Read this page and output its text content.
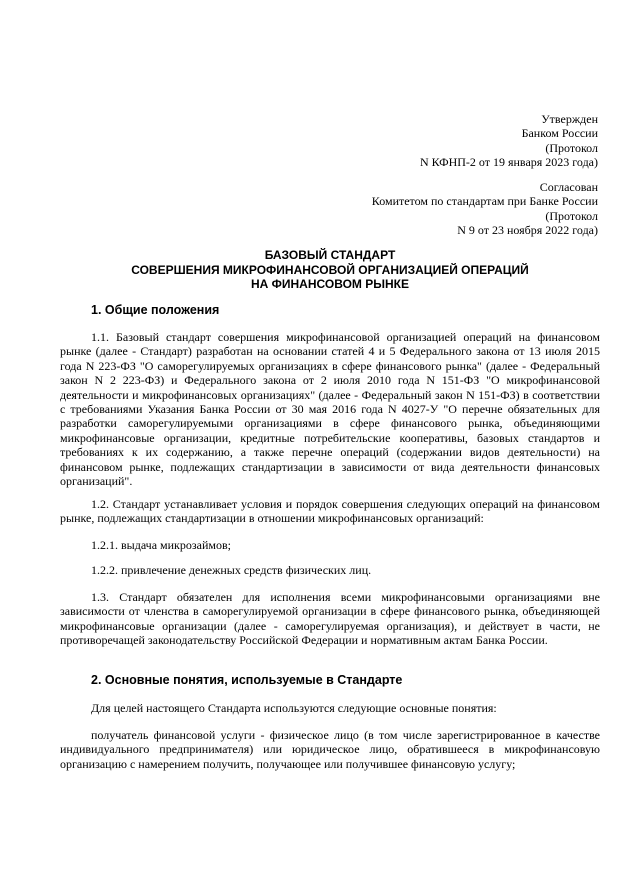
Утвержден
Банком России
(Протокол
N КФНП-2 от 19 января 2023 года)
Согласован
Комитетом по стандартам при Банке России
(Протокол
N 9 от 23 ноября 2022 года)
БАЗОВЫЙ СТАНДАРТ
СОВЕРШЕНИЯ МИКРОФИНАНСОВОЙ ОРГАНИЗАЦИЕЙ ОПЕРАЦИЙ
НА ФИНАНСОВОМ РЫНКЕ
1. Общие положения

1.1. Базовый стандарт совершения микрофинансовой организацией операций на финансовом рынке (далее - Стандарт) разработан на основании статей 4 и 5 Федерального закона от 13 июля 2015 года N 223-ФЗ "О саморегулируемых организациях в сфере финансового рынка" (далее - Федеральный закон N 2 223-ФЗ) и Федерального закона от 2 июля 2010 года N 151-ФЗ "О микрофинансовой деятельности и микрофинансовых организациях" (далее - Федеральный закон N 151-ФЗ) в соответствии с требованиями Указания Банка России от 30 мая 2016 года N 4027-У "О перечне обязательных для разработки саморегулируемыми организациями в сфере финансового рынка, объединяющими микрофинансовые организации, кредитные потребительские кооперативы, базовых стандартов и требованиях к их содержанию, а также перечне операций (содержании видов деятельности) на финансовом рынке, подлежащих стандартизации в зависимости от вида деятельности финансовых организаций".

1.2. Стандарт устанавливает условия и порядок совершения следующих операций на финансовом рынке, подлежащих стандартизации в отношении микрофинансовых организаций:

1.2.1. выдача микрозаймов;

1.2.2. привлечение денежных средств физических лиц.

1.3. Стандарт обязателен для исполнения всеми микрофинансовыми организациями вне зависимости от членства в саморегулируемой организации в сфере финансового рынка, объединяющей микрофинансовые организации (далее - саморегулируемая организация), и действует в части, не противоречащей законодательству Российской Федерации и нормативным актам Банка России.

2. Основные понятия, используемые в Стандарте

Для целей настоящего Стандарта используются следующие основные понятия:

получатель финансовой услуги - физическое лицо (в том числе зарегистрированное в качестве индивидуального предпринимателя) или юридическое лицо, обратившееся в микрофинансовую организацию с намерением получить, получающее или получившее финансовую услугу;
